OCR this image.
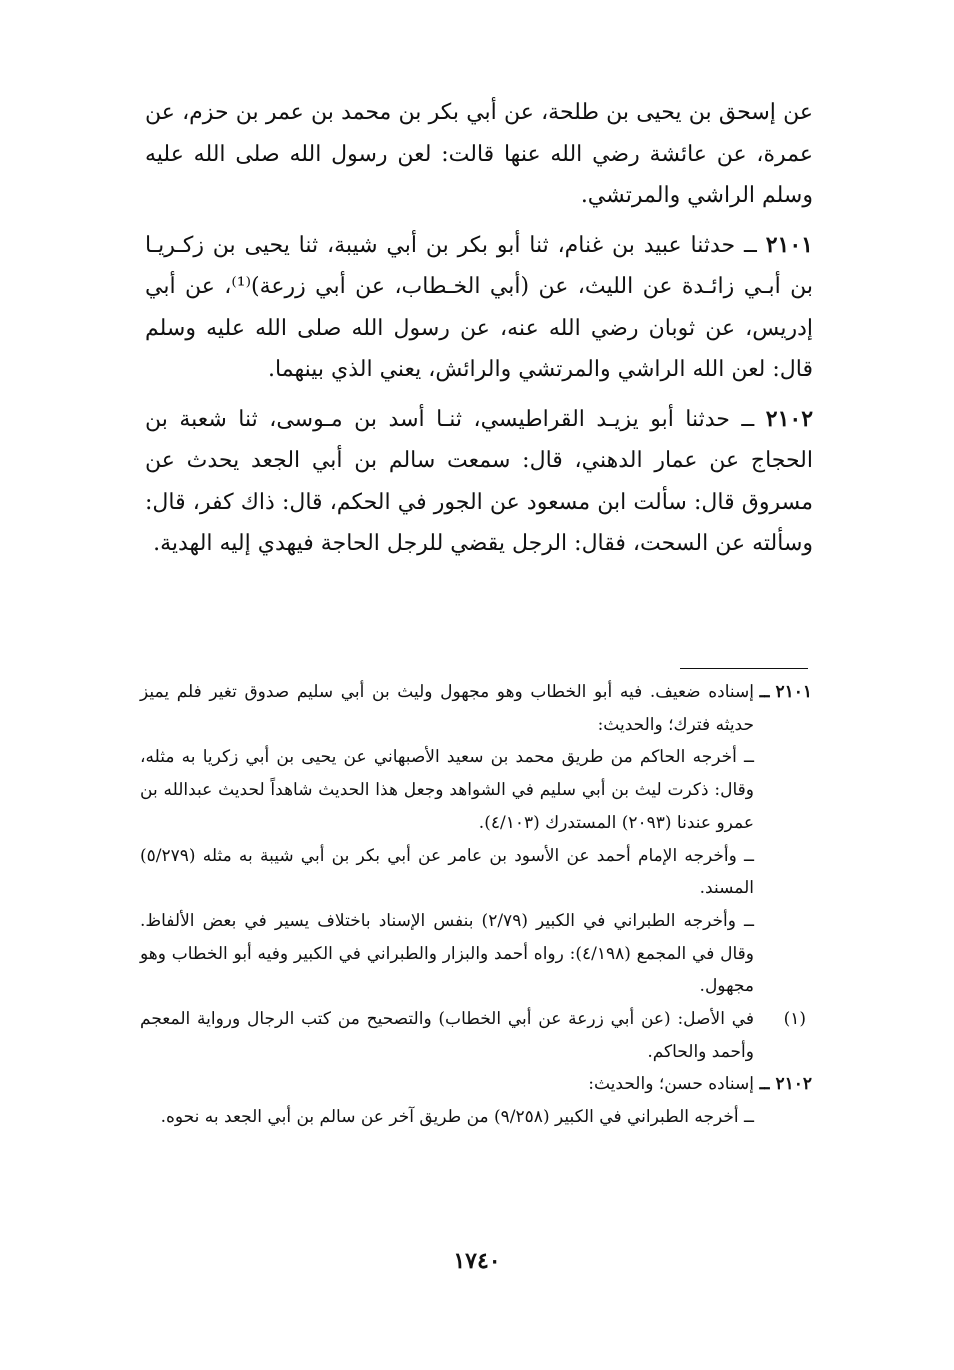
عن إسحق بن يحيى بن طلحة، عن أبي بكر بن محمد بن عمر بن حزم، عن عمرة، عن عائشة رضي الله عنها قالت: لعن رسول الله صلى الله عليه وسلم الراشي والمرتشي.

٢١٠١ ــ حدثنا عبيد بن غنام، ثنا أبو بكر بن أبي شيبة، ثنا يحيى بن زكـريـا بن أبـي زائـدة عن الليث، عن (أبي الخـطاب، عن أبي زرعة)⁽¹⁾، عن أبي إدريس، عن ثوبان رضي الله عنه، عن رسول الله صلى الله عليه وسلم قال: لعن الله الراشي والمرتشي والرائش، يعني الذي بينهما.

٢١٠٢ ــ حدثنا أبو يزيـد القراطيسي، ثنـا أسد بن مـوسى، ثنا شعبة بن الحجاج عن عمار الدهني، قال: سمعت سالم بن أبي الجعد يحدث عن مسروق قال: سألت ابن مسعود عن الجور في الحكم، قال: ذاك كفر، قال: وسألته عن السحت، فقال: الرجل يقضي للرجل الحاجة فيهدي إليه الهدية.

٢١٠١ ــ
إسناده ضعيف. فيه أبو الخطاب وهو مجهول وليث بن أبي سليم صدوق تغير فلم يميز حديثه فترك؛ والحديث:
ــ أخرجه الحاكم من طريق محمد بن سعيد الأصبهاني عن يحيى بن أبي زكريا به مثله، وقال: ذكرت ليث بن أبي سليم في الشواهد وجعل هذا الحديث شاهداً لحديث عبدالله بن عمرو عندنا (٢٠٩٣) المستدرك (٤/١٠٣).
ــ وأخرجه الإمام أحمد عن الأسود بن عامر عن أبي بكر بن أبي شيبة به مثله (٥/٢٧٩) المسند.
ــ وأخرجه الطبراني في الكبير (٢/٧٩) بنفس الإسناد باختلاف يسير في بعض الألفاظ. وقال في المجمع (٤/١٩٨): رواه أحمد والبزار والطبراني في الكبير وفيه أبو الخطاب وهو مجهول.
(١)
في الأصل: (عن أبي زرعة عن أبي الخطاب) والتصحيح من كتب الرجال ورواية المعجم وأحمد والحاكم.
٢١٠٢ ــ
إسناده حسن؛ والحديث:
ــ أخرجه الطبراني في الكبير (٩/٢٥٨) من طريق آخر عن سالم بن أبي الجعد به نحوه.
١٧٤٠
